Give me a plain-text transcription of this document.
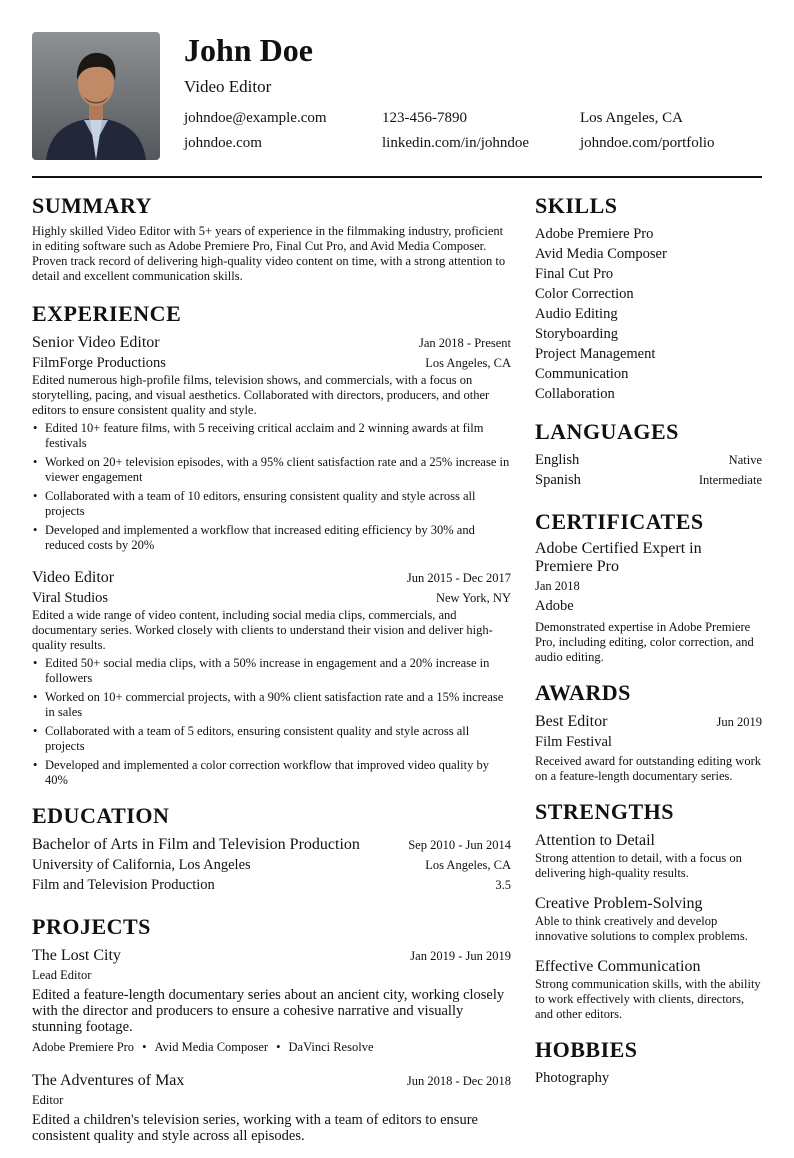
John Doe
Video Editor
johndoe@example.com	123-456-7890	Los Angeles, CA
johndoe.com	linkedin.com/in/johndoe	johndoe.com/portfolio
SUMMARY
Highly skilled Video Editor with 5+ years of experience in the filmmaking industry, proficient in editing software such as Adobe Premiere Pro, Final Cut Pro, and Avid Media Composer. Proven track record of delivering high-quality video content on time, with a strong attention to detail and excellent communication skills.
EXPERIENCE
Senior Video Editor	Jan 2018 - Present
FilmForge Productions	Los Angeles, CA
Edited numerous high-profile films, television shows, and commercials, with a focus on storytelling, pacing, and visual aesthetics. Collaborated with directors, producers, and other editors to ensure consistent quality and style.
• Edited 10+ feature films, with 5 receiving critical acclaim and 2 winning awards at film festivals
• Worked on 20+ television episodes, with a 95% client satisfaction rate and a 25% increase in viewer engagement
• Collaborated with a team of 10 editors, ensuring consistent quality and style across all projects
• Developed and implemented a workflow that increased editing efficiency by 30% and reduced costs by 20%
Video Editor	Jun 2015 - Dec 2017
Viral Studios	New York, NY
Edited a wide range of video content, including social media clips, commercials, and documentary series. Worked closely with clients to understand their vision and deliver high-quality results.
• Edited 50+ social media clips, with a 50% increase in engagement and a 20% increase in followers
• Worked on 10+ commercial projects, with a 90% client satisfaction rate and a 15% increase in sales
• Collaborated with a team of 5 editors, ensuring consistent quality and style across all projects
• Developed and implemented a color correction workflow that improved video quality by 40%
EDUCATION
Bachelor of Arts in Film and Television Production	Sep 2010 - Jun 2014
University of California, Los Angeles	Los Angeles, CA
Film and Television Production	3.5
PROJECTS
The Lost City	Jan 2019 - Jun 2019
Lead Editor
Edited a feature-length documentary series about an ancient city, working closely with the director and producers to ensure a cohesive narrative and visually stunning footage.
Adobe Premiere Pro • Avid Media Composer • DaVinci Resolve
The Adventures of Max	Jun 2018 - Dec 2018
Editor
Edited a children's television series, working with a team of editors to ensure consistent quality and style across all episodes.
SKILLS
Adobe Premiere Pro
Avid Media Composer
Final Cut Pro
Color Correction
Audio Editing
Storyboarding
Project Management
Communication
Collaboration
LANGUAGES
English	Native
Spanish	Intermediate
CERTIFICATES
Adobe Certified Expert in Premiere Pro
Jan 2018
Adobe
Demonstrated expertise in Adobe Premiere Pro, including editing, color correction, and audio editing.
AWARDS
Best Editor	Jun 2019
Film Festival
Received award for outstanding editing work on a feature-length documentary series.
STRENGTHS
Attention to Detail
Strong attention to detail, with a focus on delivering high-quality results.
Creative Problem-Solving
Able to think creatively and develop innovative solutions to complex problems.
Effective Communication
Strong communication skills, with the ability to work effectively with clients, directors, and other editors.
HOBBIES
Photography
